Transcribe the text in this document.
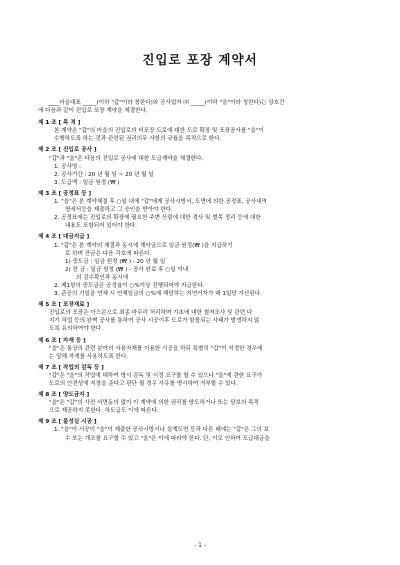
진입로 포장 계약서
____마을대표 _____(이하 "갑"이라 칭한다)와 공사업자 ㈜ _____(이하 "을"이라 칭한다)는 상호간
에 다음과 같이 진입로 포장 계약을 체결한다.
제 1 조 [ 목 적 ]
본 계약은 "갑"의 마을의 진입로의 비포장 도로에 대한 도로 확장 및 포장공사를 "을"이
수행하도록 하는 것과 관련된 권리의무 사항의 규율을 목적으로 한다.
제 2 조 [ 진입로 공사 ]
"갑"과 "을"은 다음의 진입로 공사에 대한 도급계약을 체결한다.
1. 공사명 :
2. 공사기간 : 20 년 월 일 ~ 20 년 월 일
3. 도급액 : 일금 원정 (₩ )
제 3 조 [ 공정표 등 ]
1. "을"은 본 계약체결 후 ○일 내에 "갑"에게 공사시방서, 도면에 의한 공정표, 공사내역
명세서등을 제출하고 그 승인을 받아야 한다.
2. 공정표에는 진입로의 확장에 필요한 주변 산림에 대한 경사 및 벌목 정리 등에 대한
내용도 포함되어 있어야 한다.
제 4 조 [ 대금지급 ]
1. "갑"은 본 계약의 체결과 동시에 계약금으로 일금 원정(₩ )을 지급하기
로 하며 잔금은 다음 각호에 따른다.
1) 중도금 : 일금 원정 (₩ ) - 20 년 월 일
2) 잔 금 : 일금 원정 (₩ ) - 공사 완료 후 ○일 이내
의 검수확인과 동시에
2. 제1항의 중도금은 공정율이 ○%이상 진행되어야 지급한다.
3. 준공의 기일을 연체 시 연체일금의 ○%에 해당하는 지연이자가 매 1일당 가산된다.
제 5 조 [ 포장재료 ]
진입로의 포장은 아스콘으로 최종 마무리 처리하며 기초에 대한 철저조사 및 관련 다
지기 작업 등의 완벽 공사를 통하여 공사 시공이후 도로가 함몰되는 사태가 발생하지 않
도록 유의하여야 한다.
제 6 조 [ 자재 등 ]
"을"은 통상의 관련 분야의 사용자재를 이용한 시공을 하되 특별히 "갑"이 지정한 경우에
는 당해 자재를 사용하도록 한다.
제 7 조 [ 작업의 감독 등 ]
"갑"은 "을"의 작업에 대하여 명시 감독 및 시정 요구를 할 수 있으나 "을"에 관한 요구가
도로의 안전성에 지장을 준다고 판단 될 경우 사유를 명시하여 거부할 수 있다.
제 8 조 [ 양도금지 ]
"을"은 "갑"의 사전 서면동의 없이 이 계약에 의한 권리를 양도하거나 또는 담보의 목적
으로 제공하지 못한다. 하도급도 이에 따른다.
제 9 조 [ 불성실 시공 ]
1. "을"이 시공이 "을"이 제출한 공사시방서나 설계도면 등과 다른 때에는 "갑"은 그의 보
수 또는 개조를 요구할 수 있고 "을"은 이에 따라야 한다. 단, 이로 인하여 도급대금을
- 1 -
